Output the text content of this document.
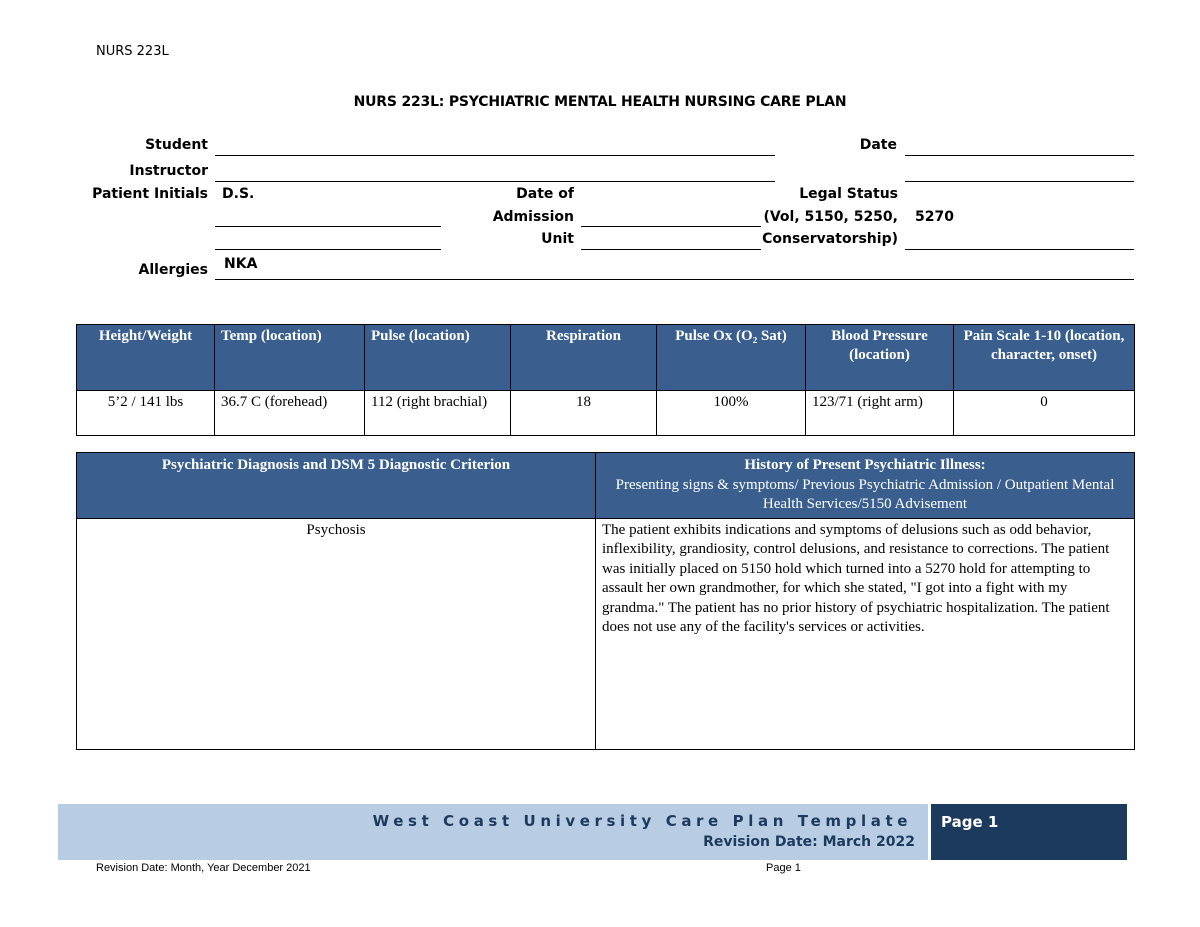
NURS 223L
NURS 223L: PSYCHIATRIC MENTAL HEALTH NURSING CARE PLAN
Student	Date
Instructor
Patient Initials D.S.	Date of
Admission
Unit
Legal Status
(Vol, 5150, 5250,
Conservatorship)
5270
Allergies NKA
Height/Weight	Temp (location)	Pulse (location)	Respiration	Pulse Ox (O₂ Sat)	Blood Pressure (location)	Pain Scale 1-10 (location, character, onset)
5’2 / 141 lbs	36.7 C (forehead)	112 (right brachial)	18	100%	123/71 (right arm)	0
Psychiatric Diagnosis and DSM 5 Diagnostic Criterion	History of Present Psychiatric Illness:
Presenting signs & symptoms/ Previous Psychiatric Admission / Outpatient Mental Health Services/5150 Advisement

Psychosis	The patient exhibits indications and symptoms of delusions such as odd behavior, inflexibility, grandiosity, control delusions, and resistance to corrections. The patient was initially placed on 5150 hold which turned into a 5270 hold for attempting to assault her own grandmother, for which she stated, "I got into a fight with my grandma." The patient has no prior history of psychiatric hospitalization. The patient does not use any of the facility's services or activities.
West Coast University Care Plan Template
Revision Date: March 2022
Page 1
Revision Date: Month, Year December 2021	Page 1
